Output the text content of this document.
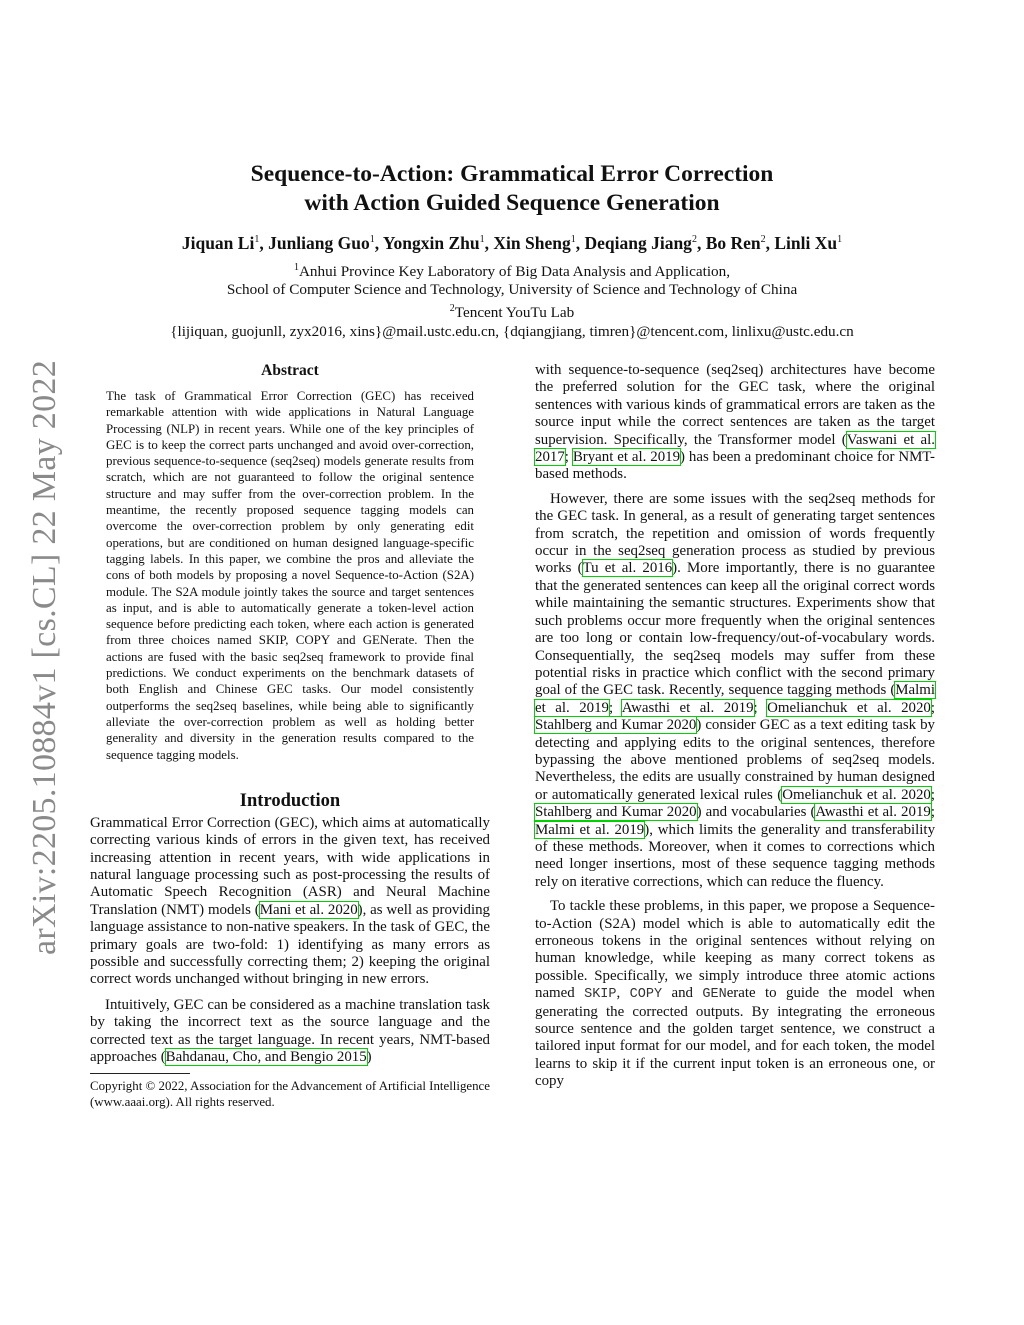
arXiv:2205.10884v1 [cs.CL] 22 May 2022
Sequence-to-Action: Grammatical Error Correction
with Action Guided Sequence Generation
Jiquan Li$^1$, Junliang Guo$^1$, Yongxin Zhu$^1$, Xin Sheng$^1$, Deqiang Jiang$^2$, Bo Ren$^2$, Linli Xu$^1$
$^1$Anhui Province Key Laboratory of Big Data Analysis and Application,
School of Computer Science and Technology, University of Science and Technology of China
$^2$Tencent YouTu Lab
{lijiquan, guojunll, zyx2016, xins}@mail.ustc.edu.cn, {dqiangjiang, timren}@tencent.com, linlixu@ustc.edu.cn
Abstract

The task of Grammatical Error Correction (GEC) has received remarkable attention with wide applications in Natural Language Processing (NLP) in recent years. While one of the key principles of GEC is to keep the correct parts unchanged and avoid over-correction, previous sequence-to-sequence (seq2seq) models generate results from scratch, which are not guaranteed to follow the original sentence structure and may suffer from the over-correction problem. In the meantime, the recently proposed sequence tagging models can overcome the over-correction problem by only generating edit operations, but are conditioned on human designed language-specific tagging labels. In this paper, we combine the pros and alleviate the cons of both models by proposing a novel Sequence-to-Action (S2A) module. The S2A module jointly takes the source and target sentences as input, and is able to automatically generate a token-level action sequence before predicting each token, where each action is generated from three choices named SKIP, COPY and GENerate. Then the actions are fused with the basic seq2seq framework to provide final predictions. We conduct experiments on the benchmark datasets of both English and Chinese GEC tasks. Our model consistently outperforms the seq2seq baselines, while being able to significantly alleviate the over-correction problem as well as holding better generality and diversity in the generation results compared to the sequence tagging models.

Introduction

Grammatical Error Correction (GEC), which aims at automatically correcting various kinds of errors in the given text, has received increasing attention in recent years, with wide applications in natural language processing such as post-processing the results of Automatic Speech Recognition (ASR) and Neural Machine Translation (NMT) models (Mani et al. 2020), as well as providing language assistance to non-native speakers. In the task of GEC, the primary goals are two-fold: 1) identifying as many errors as possible and successfully correcting them; 2) keeping the original correct words unchanged without bringing in new errors.

Intuitively, GEC can be considered as a machine translation task by taking the incorrect text as the source language and the corrected text as the target language. In recent years, NMT-based approaches (Bahdanau, Cho, and Bengio 2015)

Copyright © 2022, Association for the Advancement of Artificial Intelligence (www.aaai.org). All rights reserved.

with sequence-to-sequence (seq2seq) architectures have become the preferred solution for the GEC task, where the original sentences with various kinds of grammatical errors are taken as the source input while the correct sentences are taken as the target supervision. Specifically, the Transformer model (Vaswani et al. 2017; Bryant et al. 2019) has been a predominant choice for NMT-based methods.

However, there are some issues with the seq2seq methods for the GEC task. In general, as a result of generating target sentences from scratch, the repetition and omission of words frequently occur in the seq2seq generation process as studied by previous works (Tu et al. 2016). More importantly, there is no guarantee that the generated sentences can keep all the original correct words while maintaining the semantic structures. Experiments show that such problems occur more frequently when the original sentences are too long or contain low-frequency/out-of-vocabulary words. Consequentially, the seq2seq models may suffer from these potential risks in practice which conflict with the second primary goal of the GEC task. Recently, sequence tagging methods (Malmi et al. 2019; Awasthi et al. 2019; Omelianchuk et al. 2020; Stahlberg and Kumar 2020) consider GEC as a text editing task by detecting and applying edits to the original sentences, therefore bypassing the above mentioned problems of seq2seq models. Nevertheless, the edits are usually constrained by human designed or automatically generated lexical rules (Omelianchuk et al. 2020; Stahlberg and Kumar 2020) and vocabularies (Awasthi et al. 2019; Malmi et al. 2019), which limits the generality and transferability of these methods. Moreover, when it comes to corrections which need longer insertions, most of these sequence tagging methods rely on iterative corrections, which can reduce the fluency.

To tackle these problems, in this paper, we propose a Sequence-to-Action (S2A) model which is able to automatically edit the erroneous tokens in the original sentences without relying on human knowledge, while keeping as many correct tokens as possible. Specifically, we simply introduce three atomic actions named SKIP, COPY and GENerate to guide the model when generating the corrected outputs. By integrating the erroneous source sentence and the golden target sentence, we construct a tailored input format for our model, and for each token, the model learns to skip it if the current input token is an erroneous one, or copy
